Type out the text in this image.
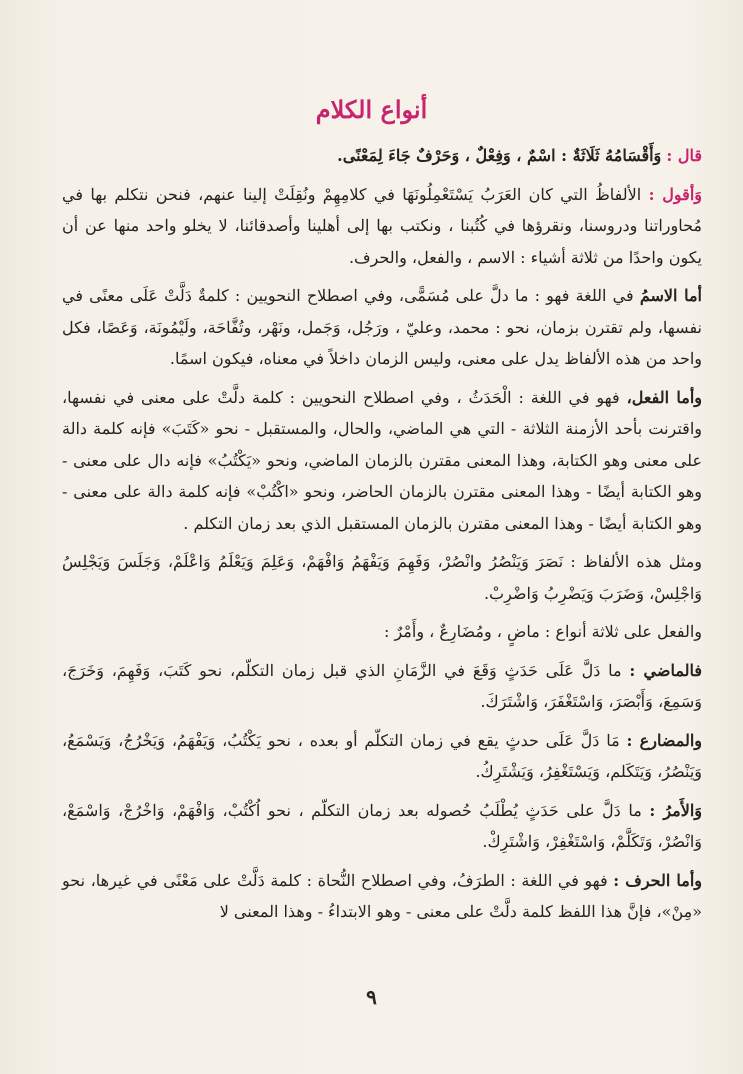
أنواع الكلام

قال : وَأَقْسَامُهُ ثَلَاثَةٌ : اسْمٌ ، وَفِعْلٌ ، وَحَرْفٌ جَاءَ لِمَعْنًى.

وَأقول : الألفاظُ التي كان العَرَبُ يَسْتَعْمِلُونَهَا في كلامِهِمْ ونُقِلَتْ إلينا عنهم، فنحن نتكلم بها في مُحاوراتنا ودروسنا، ونقرؤها في كُتُبنا ، ونكتب بها إلى أهلينا وأصدقائنا، لا يخلو واحد منها عن أن يكون واحدًا من ثلاثة أشياء : الاسم ، والفعل، والحرف.

أما الاسمُ في اللغة فهو : ما دلَّ على مُسَمًّى، وفي اصطلاح النحويين : كلمةٌ دَلَّتْ عَلَى معنًى في نفسها، ولم تقترن بزمان، نحو : محمد، وعليّ ، ورَجُل، وَجَمل، ونَهْر، وتُفَّاحَة، ولَيْمُونَة، وَعَصًا، فكل واحد من هذه الألفاظ يدل على معنى، وليس الزمان داخلاً في معناه، فيكون اسمًا.

وأما الفعل، فهو في اللغة : الْحَدَثُ ، وفي اصطلاح النحويين : كلمة دلَّتْ على معنى في نفسها، واقترنت بأحد الأزمنة الثلاثة - التي هي الماضي، والحال، والمستقبل - نحو «كَتَبَ» فإنه كلمة دالة على معنى وهو الكتابة، وهذا المعنى مقترن بالزمان الماضي، ونحو «يَكْتُبُ» فإنه دال على معنى - وهو الكتابة أيضًا - وهذا المعنى مقترن بالزمان الحاضر، ونحو «اكْتُبْ» فإنه كلمة دالة على معنى - وهو الكتابة أيضًا - وهذا المعنى مقترن بالزمان المستقبل الذي بعد زمان التكلم .

ومثل هذه الألفاظ : نَصَرَ وَيَنْصُرُ وانْصُرْ، وَفَهِمَ وَيَفْهَمُ وَافْهَمْ، وَعَلِمَ وَيَعْلَمُ وَاعْلَمْ، وَجَلَسَ وَيَجْلِسُ وَاجْلِسْ، وَضَرَبَ وَيَضْرِبُ وَاضْرِبْ.

والفعل على ثلاثة أنواع : ماضٍ ، ومُضَارِعٌ ، وأَمْرٌ :

فالماضي : ما دَلَّ عَلَى حَدَثٍ وَقَعَ في الزَّمَانِ الذي قبل زمان التكلّم، نحو كَتَبَ، وَفَهِمَ، وَخَرَجَ، وَسَمِعَ، وَأَبْصَرَ، وَاسْتَغْفَرَ، وَاشْتَرَكَ.

والمضارع : مَا دَلَّ عَلَى حدثٍ يقع في زمان التكلّم أو بعده ، نحو يَكْتُبُ، وَيَفْهَمُ، وَيَخْرُجُ، وَيَسْمَعُ، وَيَنْصُرُ، وَيَتَكَلم، وَيَسْتَغْفِرُ، وَيَشْتَرِكُ.

وَالأَمرُ : ما دَلَّ على حَدَثٍ يُطْلَبُ حُصوله بعد زمان التكلّم ، نحو اُكْتُبْ، وَافْهَمْ، وَاخْرُجْ، وَاسْمَعْ، وَانْصُرْ، وَتَكَلَّمْ، وَاسْتَغْفِرْ، وَاشْتَرِكْ.

وأما الحرف : فهو في اللغة : الطرَفُ، وفي اصطلاح النُّحاة : كلمة دَلَّتْ على مَعْنًى في غيرها، نحو «مِنْ»، فإنَّ هذا اللفظ كلمة دلَّتْ على معنى - وهو الابتداءُ - وهذا المعنى لا

٩
